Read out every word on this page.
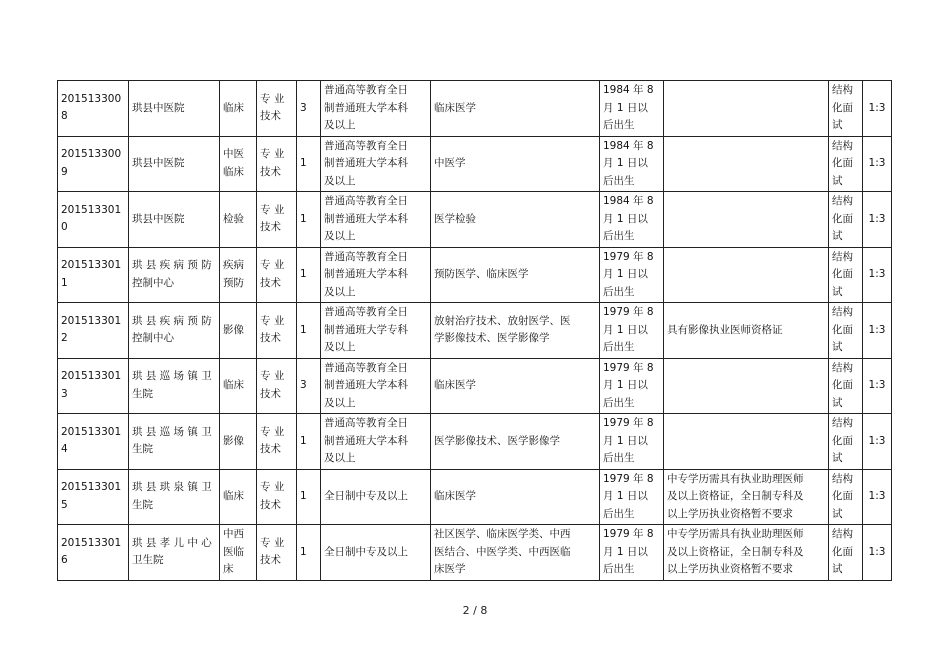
201513300
8	珙县中医院	临床	专 业
技术	3	普通高等教育全日
制普通班大学本科
及以上	临床医学	1984 年 8
月 1 日以
后出生		结构
化面
试	1:3
201513300
9	珙县中医院	中医
临床	专 业
技术	1	普通高等教育全日
制普通班大学本科
及以上	中医学	1984 年 8
月 1 日以
后出生		结构
化面
试	1:3
201513301
0	珙县中医院	检验	专 业
技术	1	普通高等教育全日
制普通班大学本科
及以上	医学检验	1984 年 8
月 1 日以
后出生		结构
化面
试	1:3
2015133011	珙 县 疾 病 预 防
控制中心	疾病
预防	专 业
技术	1	普通高等教育全日
制普通班大学本科
及以上	预防医学、临床医学	1979 年 8
月 1 日以
后出生		结构
化面
试	1:3
201513301
2	珙 县 疾 病 预 防
控制中心	影像	专 业
技术	1	普通高等教育全日
制普通班大学专科
及以上	放射治疗技术、放射医学、医
学影像技术、医学影像学	1979 年 8
月 1 日以
后出生	具有影像执业医师资格证	结构
化面
试	1:3
201513301
3	珙 县 巡 场 镇 卫
生院	临床	专 业
技术	3	普通高等教育全日
制普通班大学本科
及以上	临床医学	1979 年 8
月 1 日以
后出生		结构
化面
试	1:3
201513301
4	珙 县 巡 场 镇 卫
生院	影像	专 业
技术	1	普通高等教育全日
制普通班大学本科
及以上	医学影像技术、医学影像学	1979 年 8
月 1 日以
后出生		结构
化面
试	1:3
201513301
5	珙 县 珙 泉 镇 卫
生院	临床	专 业
技术	1	全日制中专及以上	临床医学	1979 年 8
月 1 日以
后出生	中专学历需具有执业助理医师
及以上资格证，全日制专科及
以上学历执业资格暂不要求	结构
化面
试	1:3
201513301
6	珙 县 孝 儿 中 心
卫生院	中西
医临
床	专 业
技术	1	全日制中专及以上	社区医学、临床医学类、中西
医结合、中医学类、中西医临
床医学	1979 年 8
月 1 日以
后出生	中专学历需具有执业助理医师
及以上资格证，全日制专科及
以上学历执业资格暂不要求	结构
化面
试	1:3
2 / 8
